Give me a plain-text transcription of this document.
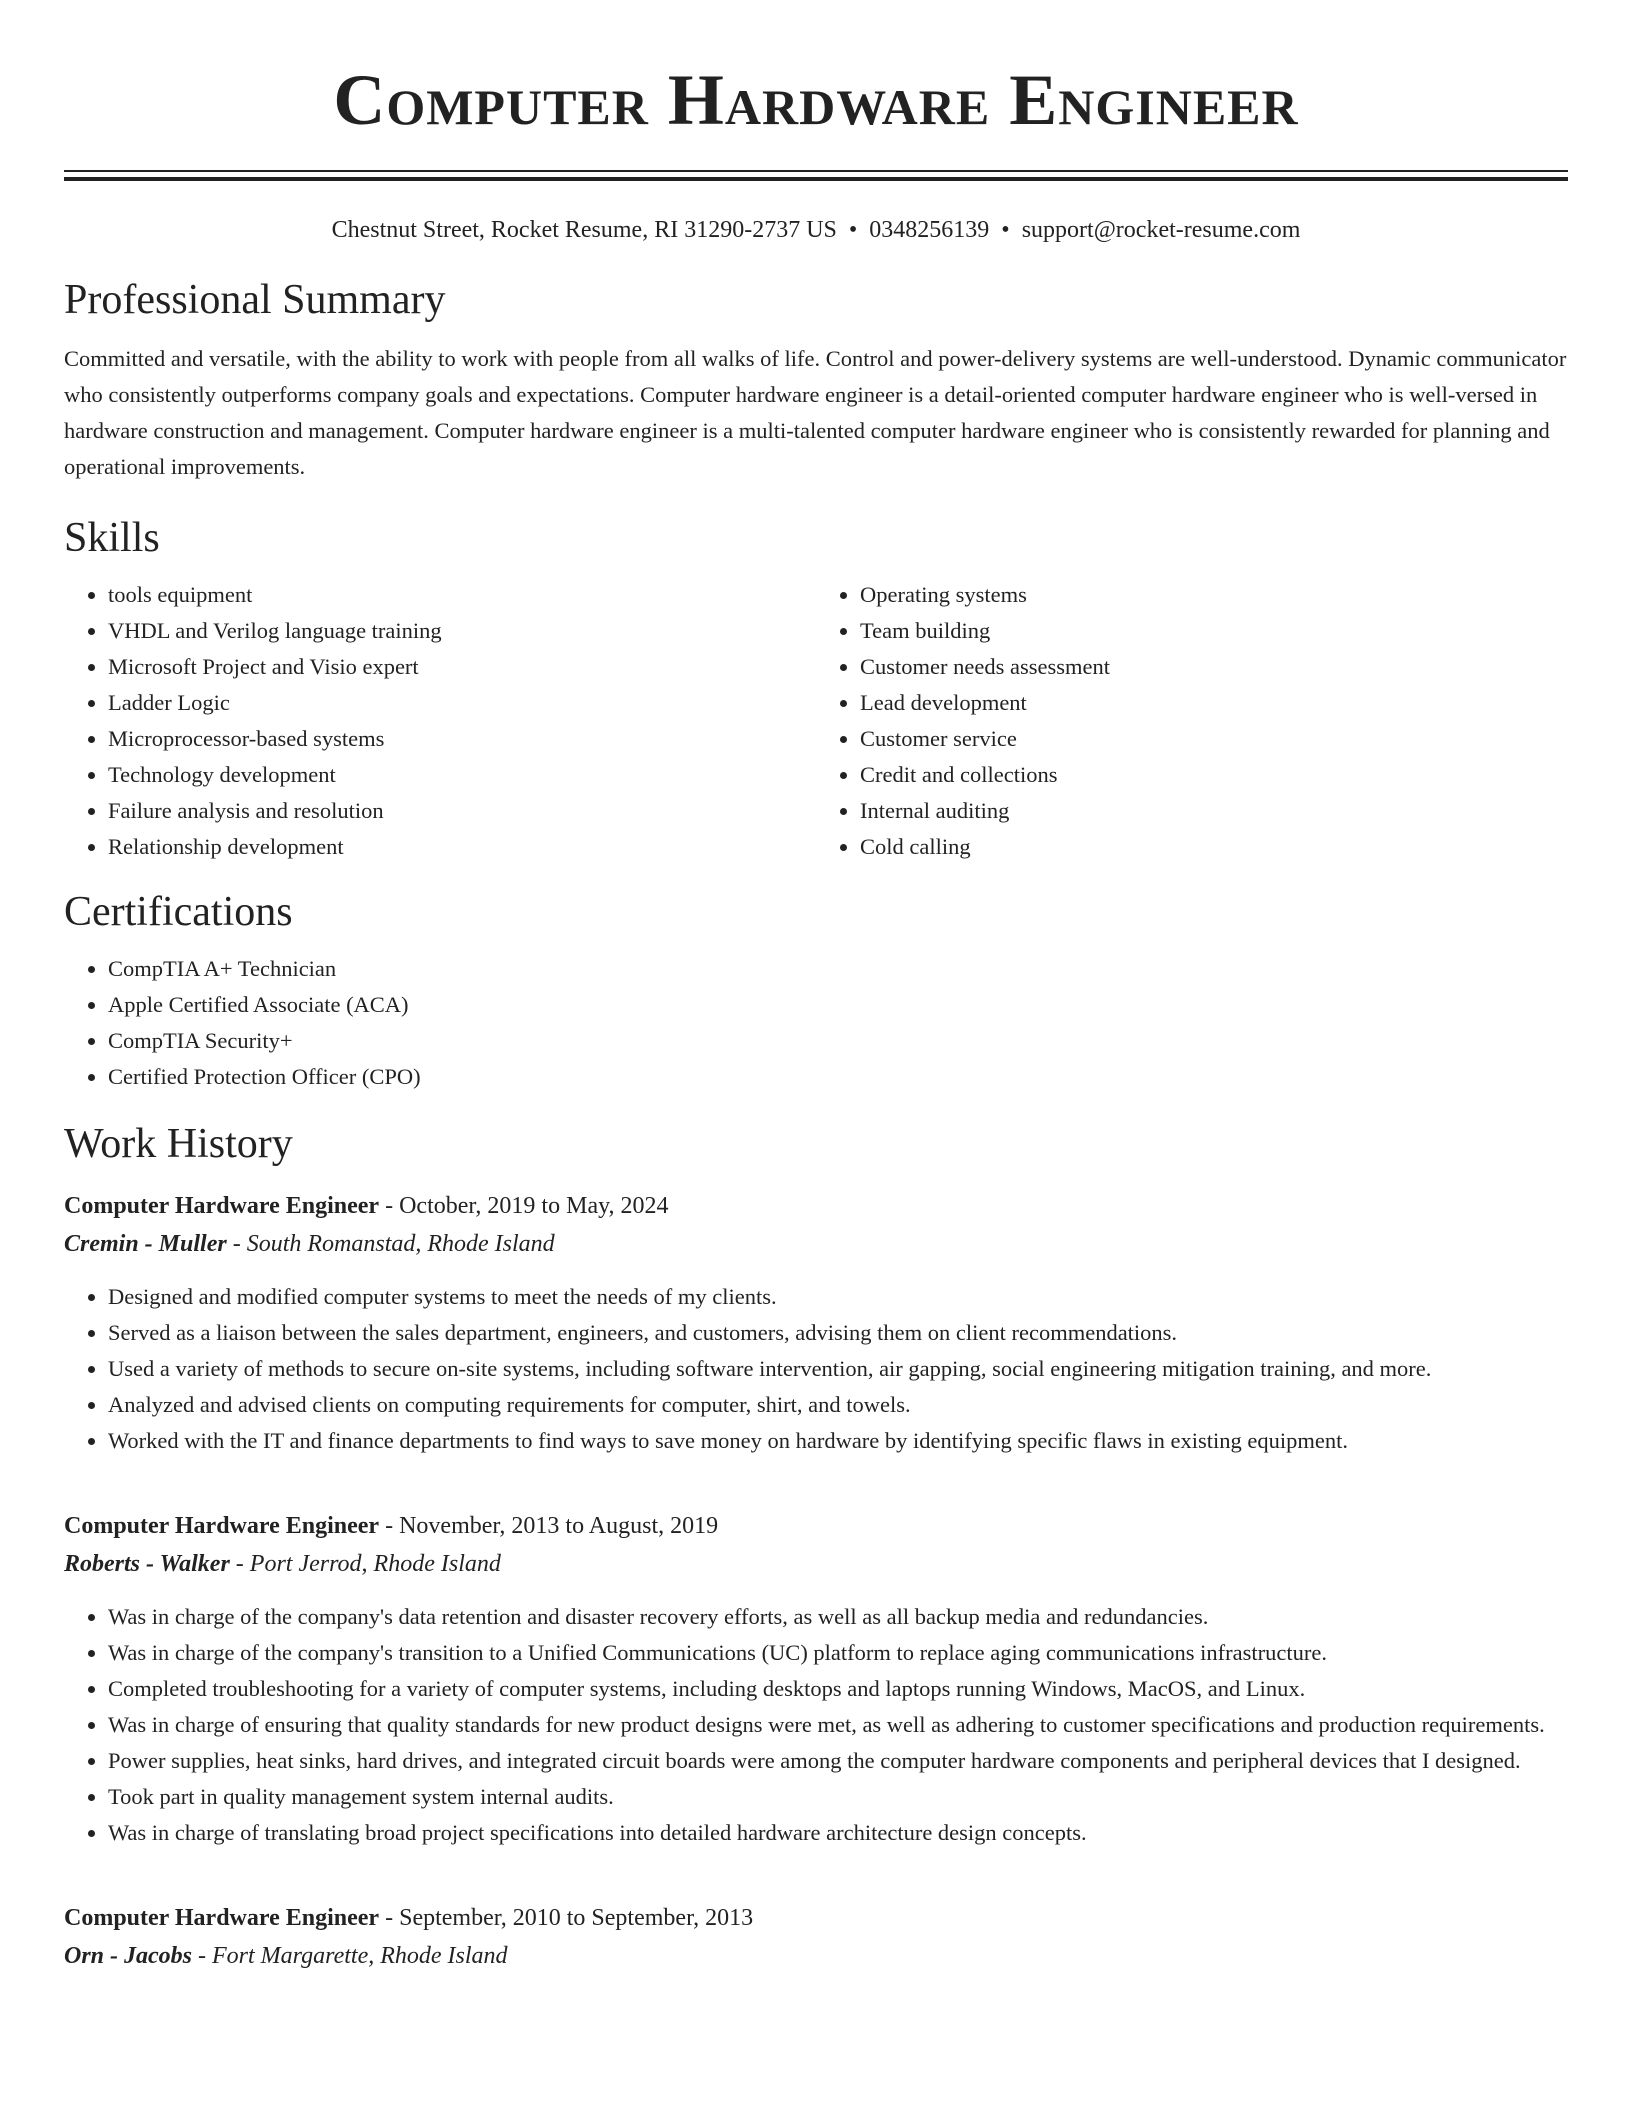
Computer Hardware Engineer
Chestnut Street, Rocket Resume, RI 31290-2737 US • 0348256139 • support@rocket-resume.com
Professional Summary

Committed and versatile, with the ability to work with people from all walks of life. Control and power-delivery systems are well-understood. Dynamic communicator who consistently outperforms company goals and expectations. Computer hardware engineer is a detail-oriented computer hardware engineer who is well-versed in hardware construction and management. Computer hardware engineer is a multi-talented computer hardware engineer who is consistently rewarded for planning and operational improvements.

Skills
• tools equipment
• VHDL and Verilog language training
• Microsoft Project and Visio expert
• Ladder Logic
• Microprocessor-based systems
• Technology development
• Failure analysis and resolution
• Relationship development
• Operating systems
• Team building
• Customer needs assessment
• Lead development
• Customer service
• Credit and collections
• Internal auditing
• Cold calling
Certifications
• CompTIA A+ Technician
• Apple Certified Associate (ACA)
• CompTIA Security+
• Certified Protection Officer (CPO)
Work History
Computer Hardware Engineer - October, 2019 to May, 2024
Cremin - Muller - South Romanstad, Rhode Island
• Designed and modified computer systems to meet the needs of my clients.
• Served as a liaison between the sales department, engineers, and customers, advising them on client recommendations.
• Used a variety of methods to secure on-site systems, including software intervention, air gapping, social engineering mitigation training, and more.
• Analyzed and advised clients on computing requirements for computer, shirt, and towels.
• Worked with the IT and finance departments to find ways to save money on hardware by identifying specific flaws in existing equipment.
Computer Hardware Engineer - November, 2013 to August, 2019
Roberts - Walker - Port Jerrod, Rhode Island
• Was in charge of the company's data retention and disaster recovery efforts, as well as all backup media and redundancies.
• Was in charge of the company's transition to a Unified Communications (UC) platform to replace aging communications infrastructure.
• Completed troubleshooting for a variety of computer systems, including desktops and laptops running Windows, MacOS, and Linux.
• Was in charge of ensuring that quality standards for new product designs were met, as well as adhering to customer specifications and production requirements.
• Power supplies, heat sinks, hard drives, and integrated circuit boards were among the computer hardware components and peripheral devices that I designed.
• Took part in quality management system internal audits.
• Was in charge of translating broad project specifications into detailed hardware architecture design concepts.
Computer Hardware Engineer - September, 2010 to September, 2013
Orn - Jacobs - Fort Margarette, Rhode Island
